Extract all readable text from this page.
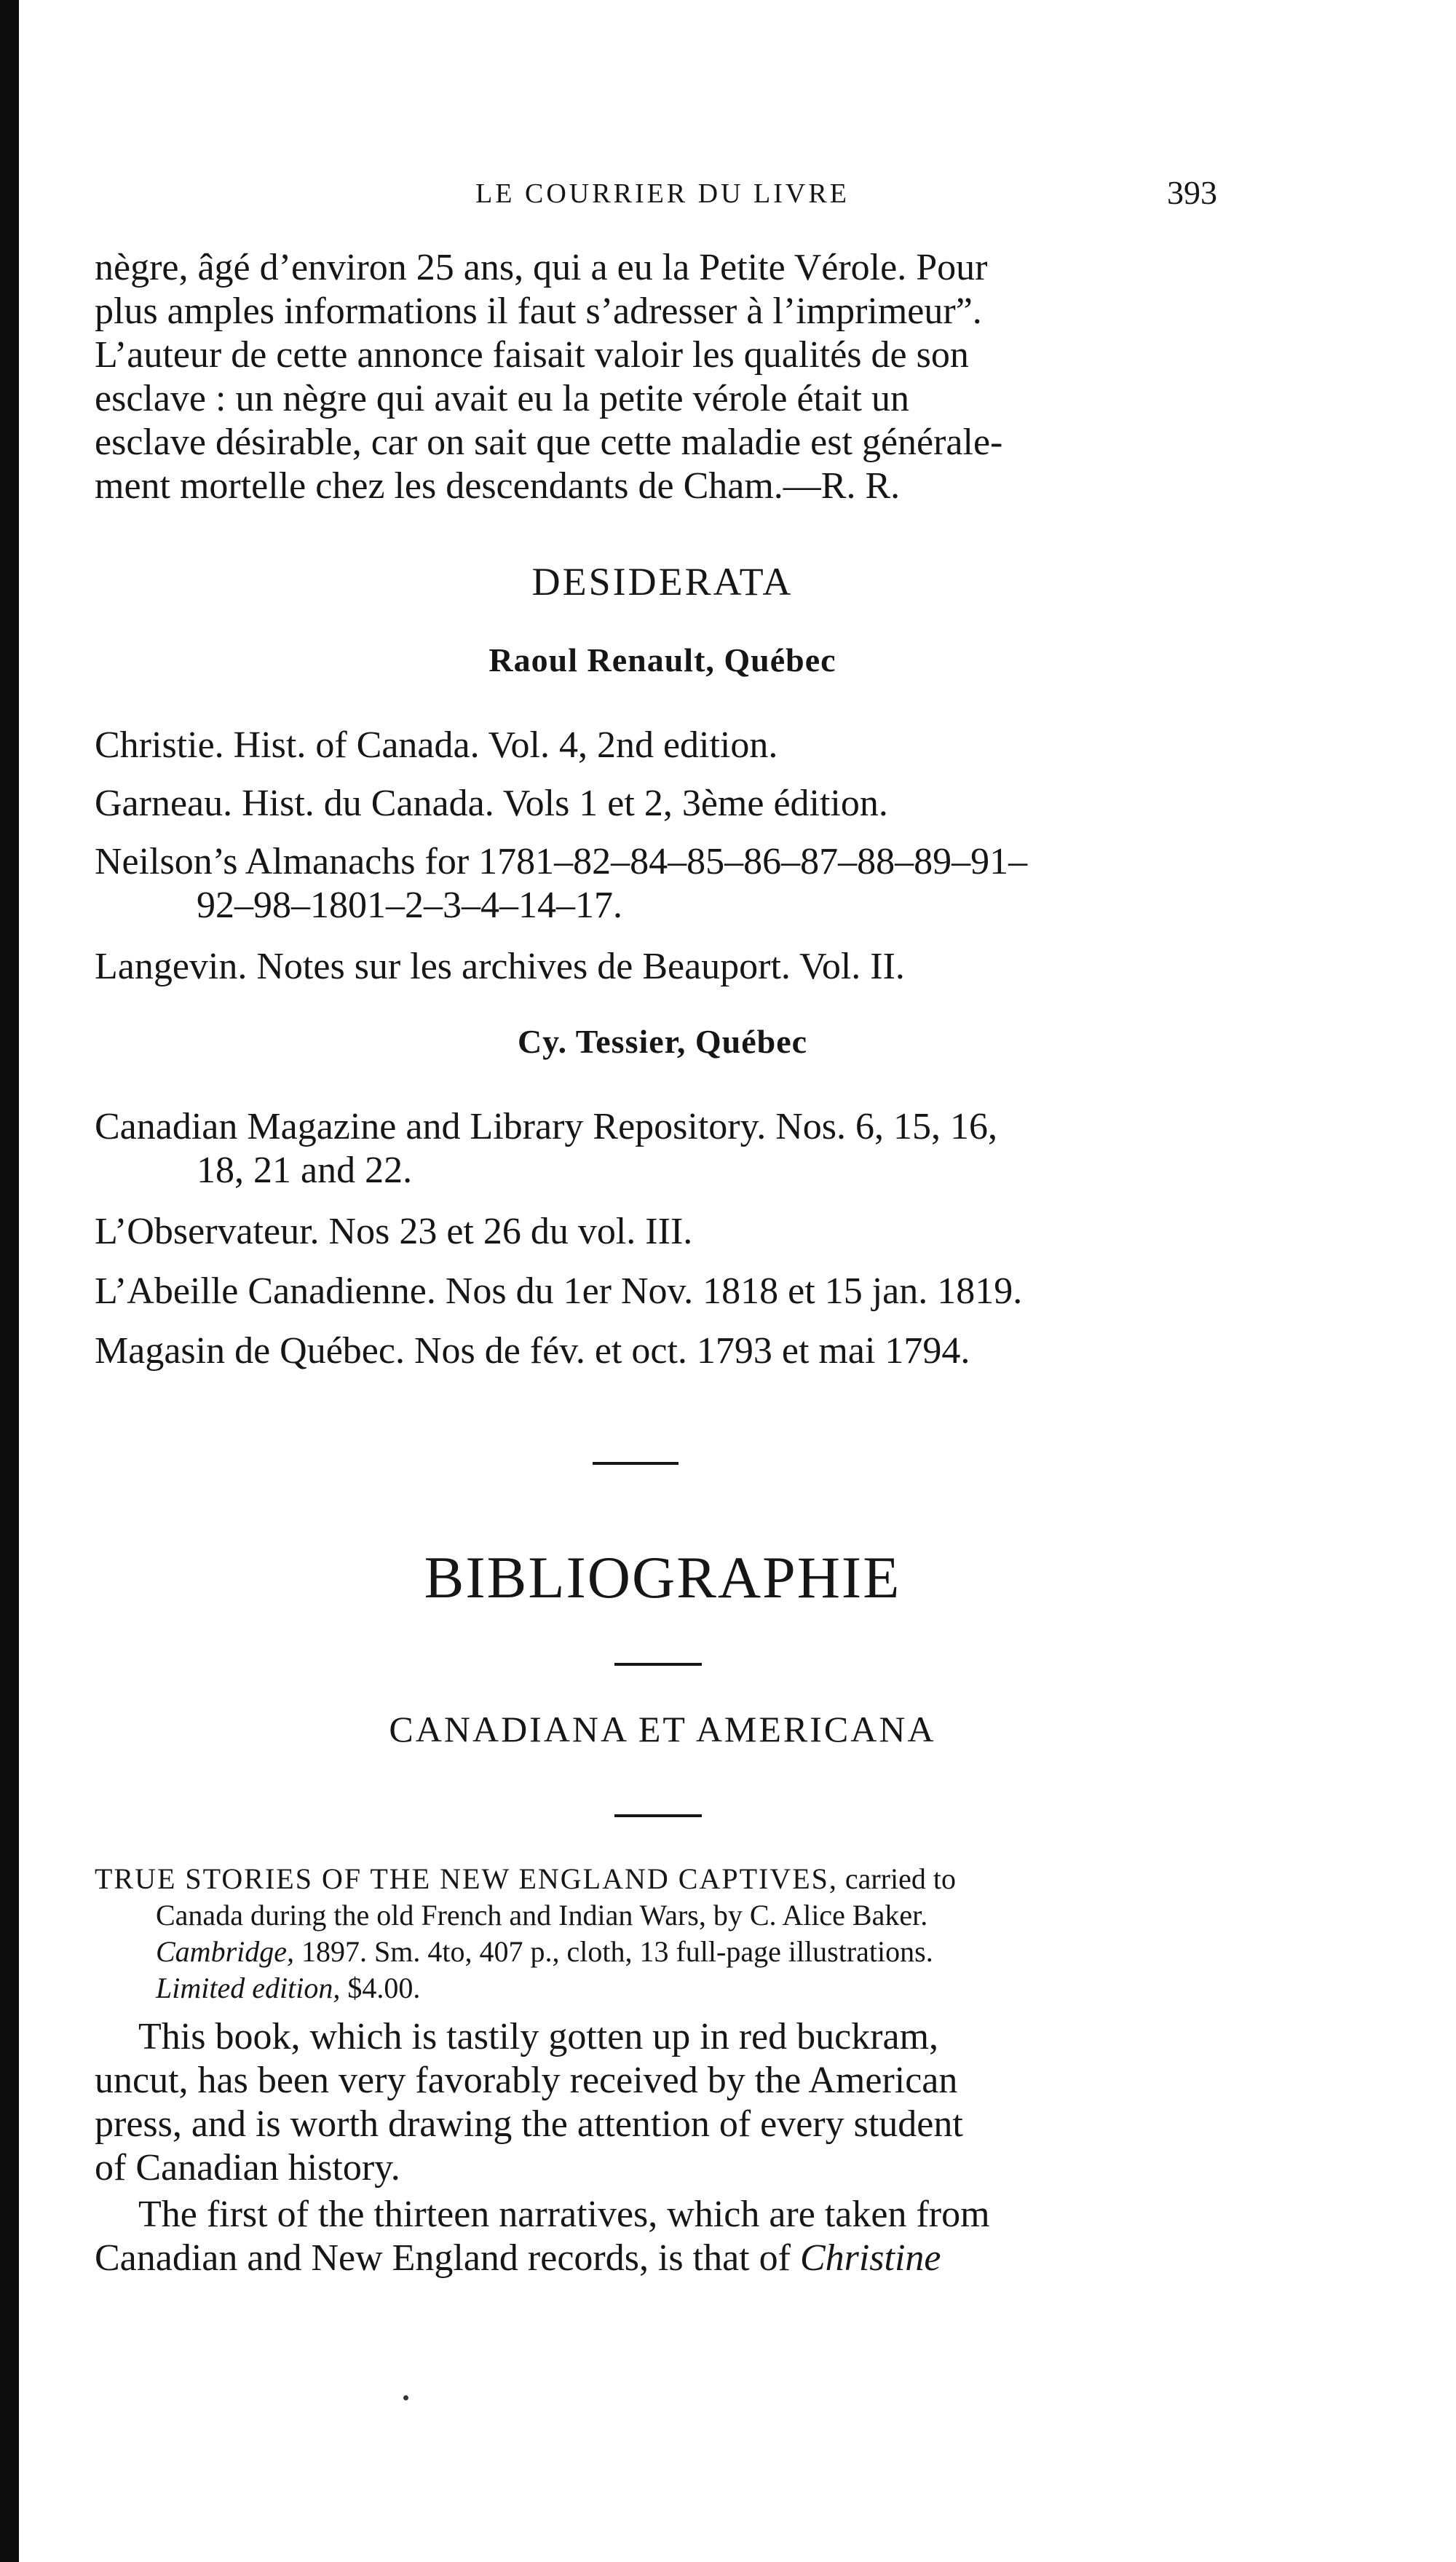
LE COURRIER DU LIVRE	393

nègre, âgé d’environ 25 ans, qui a eu la Petite Vérole. Pour
plus amples informations il faut s’adresser à l’imprimeur”.
L’auteur de cette annonce faisait valoir les qualités de son
esclave : un nègre qui avait eu la petite vérole était un
esclave désirable, car on sait que cette maladie est générale-
ment mortelle chez les descendants de Cham.—R. R.

DESIDERATA
Raoul Renault, Québec

Christie. Hist. of Canada. Vol. 4, 2nd edition.

Garneau. Hist. du Canada. Vols 1 et 2, 3ème édition.

Neilson’s Almanachs for 1781–82–84–85–86–87–88–89–91–
92–98–1801–2–3–4–14–17.

Langevin. Notes sur les archives de Beauport. Vol. II.

Cy. Tessier, Québec

Canadian Magazine and Library Repository. Nos. 6, 15, 16,
18, 21 and 22.

L’Observateur. Nos 23 et 26 du vol. III.

L’Abeille Canadienne. Nos du 1er Nov. 1818 et 15 jan. 1819.

Magasin de Québec. Nos de fév. et oct. 1793 et mai 1794.

BIBLIOGRAPHIE
CANADIANA ET AMERICANA

TRUE STORIES OF THE NEW ENGLAND CAPTIVES, carried to
Canada during the old French and Indian Wars, by C. Alice Baker.
Cambridge, 1897. Sm. 4to, 407 p., cloth, 13 full-page illustrations.
Limited edition, $4.00.

This book, which is tastily gotten up in red buckram,
uncut, has been very favorably received by the American
press, and is worth drawing the attention of every student
of Canadian history.

The first of the thirteen narratives, which are taken from
Canadian and New England records, is that of Christine
